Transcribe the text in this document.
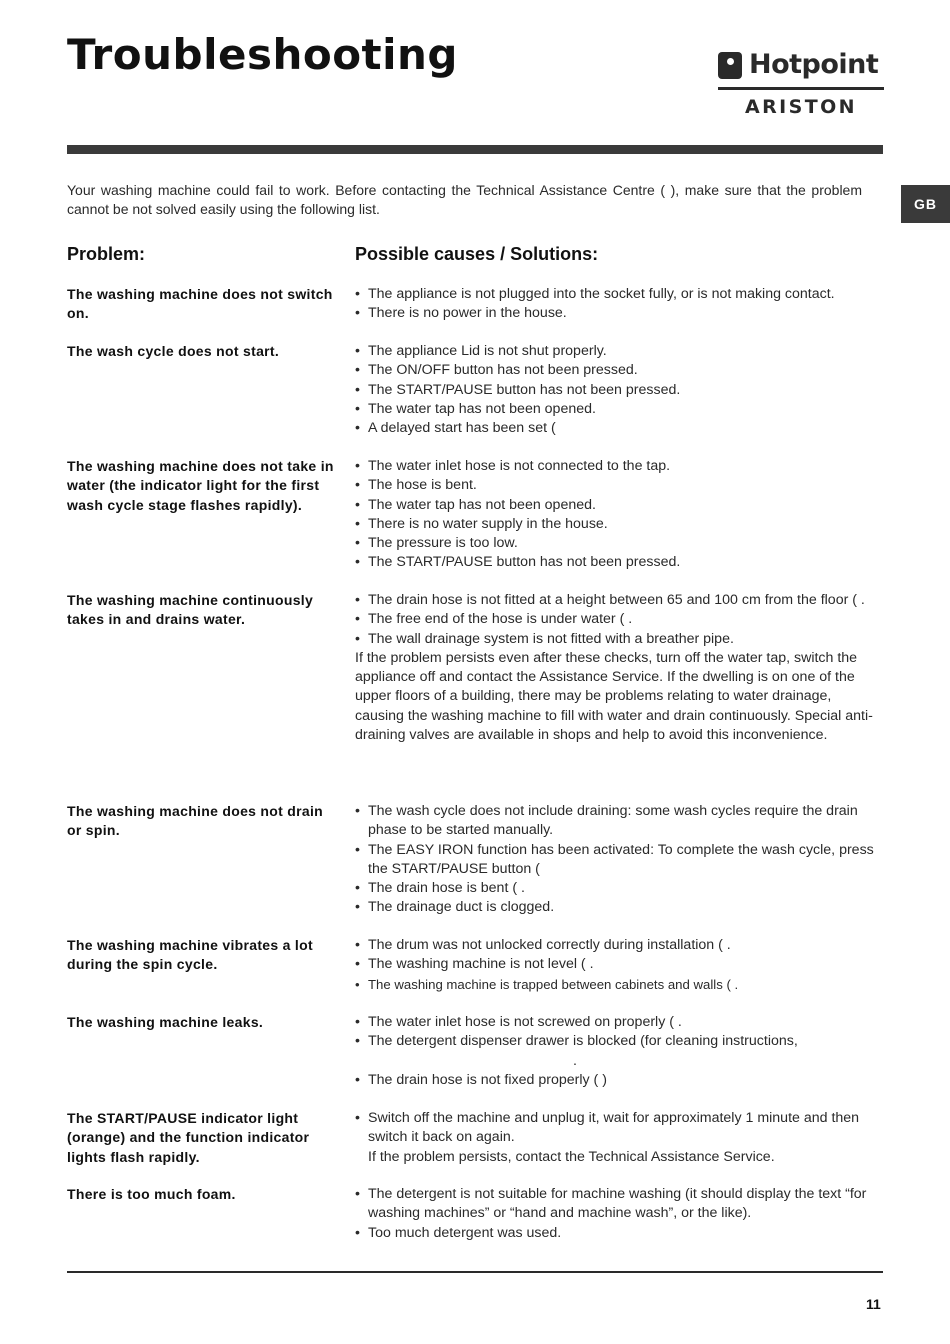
Troubleshooting	Hotpoint
ARISTON
GB

Your washing machine could fail to work. Before contacting the Technical Assistance Centre ( ), make sure that the problem cannot be not solved easily using the following list.

Problem:	Possible causes / Solutions:

The washing machine does not switch on.

• The appliance is not plugged into the socket fully, or is not making contact.
• There is no power in the house.

The wash cycle does not start.	• The appliance Lid is not shut properly.
• The ON/OFF button has not been pressed.
• The START/PAUSE button has not been pressed.
• The water tap has not been opened.
• A delayed start has been set (

The washing machine does not take in water (the indicator light for the first wash cycle stage flashes rapidly).

• The water inlet hose is not connected to the tap.
• The hose is bent.
• The water tap has not been opened.
• There is no water supply in the house.
• The pressure is too low.
• The START/PAUSE button has not been pressed.

The washing machine continuously takes in and drains water.

• The drain hose is not fitted at a height between 65 and 100 cm from the floor ( .
• The free end of the hose is under water ( .
• The wall drainage system is not fitted with a breather pipe.
If the problem persists even after these checks, turn off the water tap, switch the appliance off and contact the Assistance Service. If the dwelling is on one of the upper floors of a building, there may be problems relating to water drainage, causing the washing machine to fill with water and drain continuously. Special anti-draining valves are available in shops and help to avoid this inconvenience.

The washing machine does not drain or spin.

• The wash cycle does not include draining: some wash cycles require the drain phase to be started manually.
• The EASY IRON function has been activated: To complete the wash cycle, press the START/PAUSE button (
• The drain hose is bent ( .
• The drainage duct is clogged.

The washing machine vibrates a lot during the spin cycle.

• The drum was not unlocked correctly during installation ( .
• The washing machine is not level ( .
• The washing machine is trapped between cabinets and walls ( .

The washing machine leaks.	• The water inlet hose is not screwed on properly ( .
• The detergent dispenser drawer is blocked (for cleaning instructions,
.
• The drain hose is not fixed properly ( )

The START/PAUSE indicator light (orange) and the function indicator lights flash rapidly.

• Switch off the machine and unplug it, wait for approximately 1 minute and then switch it back on again.
If the problem persists, contact the Technical Assistance Service.

There is too much foam.	• The detergent is not suitable for machine washing (it should display the text “for washing machines” or “hand and machine wash”, or the like).
• Too much detergent was used.
11
